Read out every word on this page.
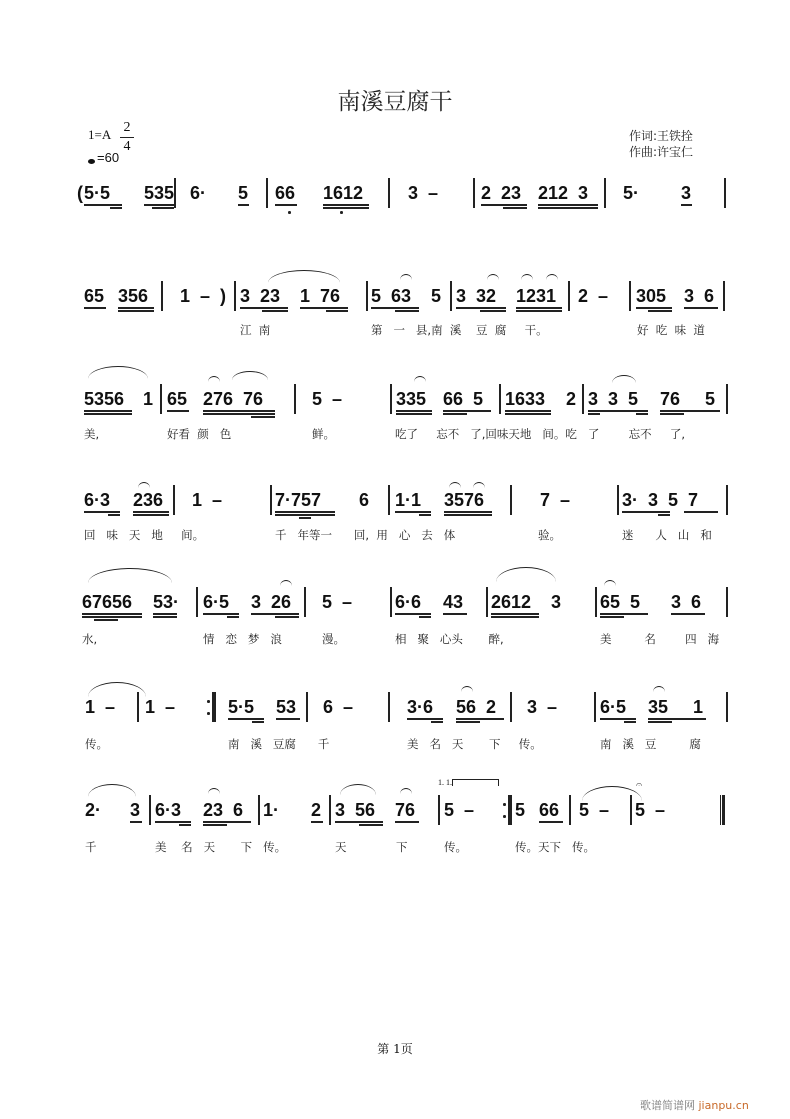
南溪豆腐干
1=A 2
4
=60
作词:王铁拴
作曲:许宝仁
( 5·5 535 6· 5 66 1612 3  – 2  23 212  3 5· 3
65 356 1  –  ) 3  23 1  76 5  63 5 3  32 1231 2  – 305 3  6
江  南	第   一   县,南  溪    豆  腐     干。	好  吃  味  道
5356 1 65 276  76	5  –	335 66  5 1633 2 3  3  5 76     5
美,	好看  颜   色	鲜。	吃了     忘不   了,回味天地   间。吃   了        忘不     了,
6·3 236 1  –	7·757 6 1·1 3576	7  –	3·  3  5  7
回   味   天   地     间。	千   年等一      回,  用   心   去   体	验。	迷      人   山   和
67656 53· 6·5 3  26 5  – 6·6 43 2612 3 65  5 3  6
水,	情   恋   梦   浪	漫。	相   聚   心头       醉,	美         名        四   海
1  – 1  –	5·5 53 6  –	3·6 56  2 3  – 6·5 35     1
传。	南   溪   豆腐      千	美   名   天       下     传。	南   溪   豆         腐
2· 3 6·3 23  6 1· 2 3  56 76 5  – 5 66 5  – 5  –
千	美    名   天       下   传。	天	下	传。	传。天下   传。
𝄐
1. 1.
第 1页
歌谱简谱网 jianpu.cn
